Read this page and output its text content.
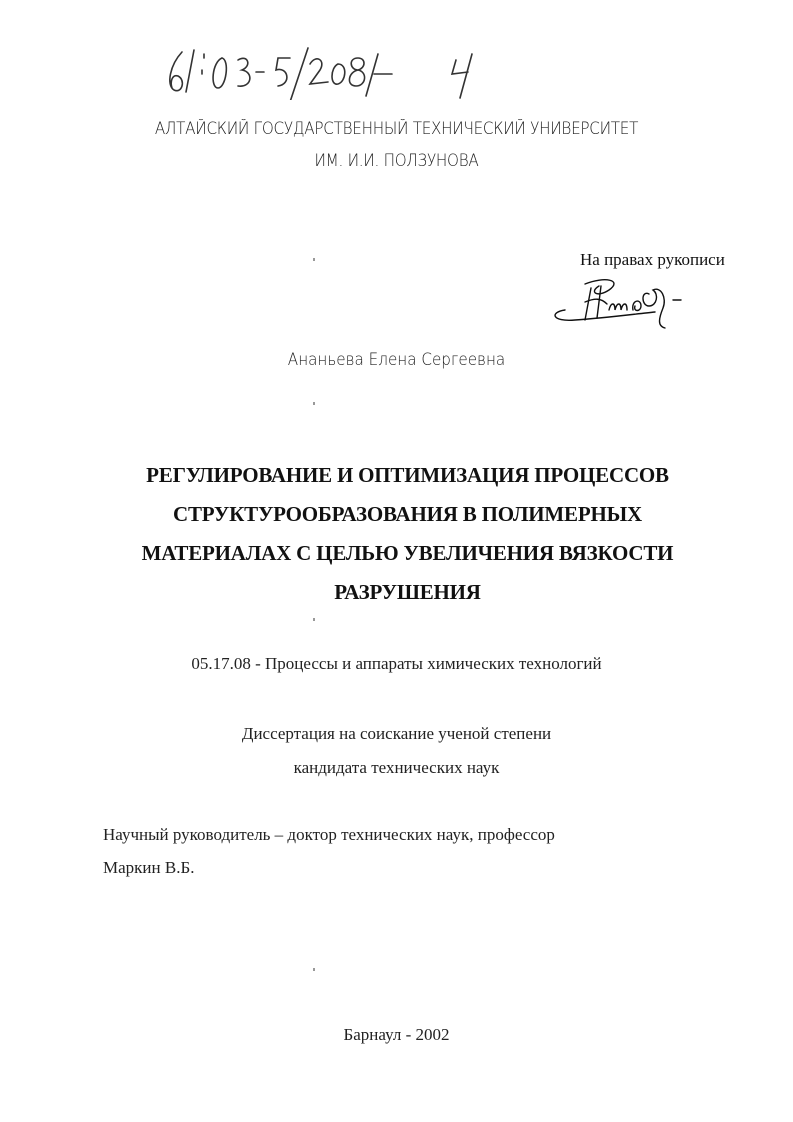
АЛТАЙСКИЙ ГОСУДАРСТВЕННЫЙ ТЕХНИЧЕСКИЙ УНИВЕРСИТЕТ
ИМ. И.И. ПОЛЗУНОВА
На правах рукописи
Ананьева Елена Сергеевна
РЕГУЛИРОВАНИЕ И ОПТИМИЗАЦИЯ ПРОЦЕССОВ
СТРУКТУРООБРАЗОВАНИЯ В ПОЛИМЕРНЫХ
МАТЕРИАЛАХ С ЦЕЛЬЮ УВЕЛИЧЕНИЯ ВЯЗКОСТИ
РАЗРУШЕНИЯ
05.17.08 - Процессы и аппараты химических технологий
Диссертация на соискание ученой степени
кандидата технических наук
Научный руководитель – доктор технических наук, профессор
Маркин В.Б.
Барнаул - 2002
